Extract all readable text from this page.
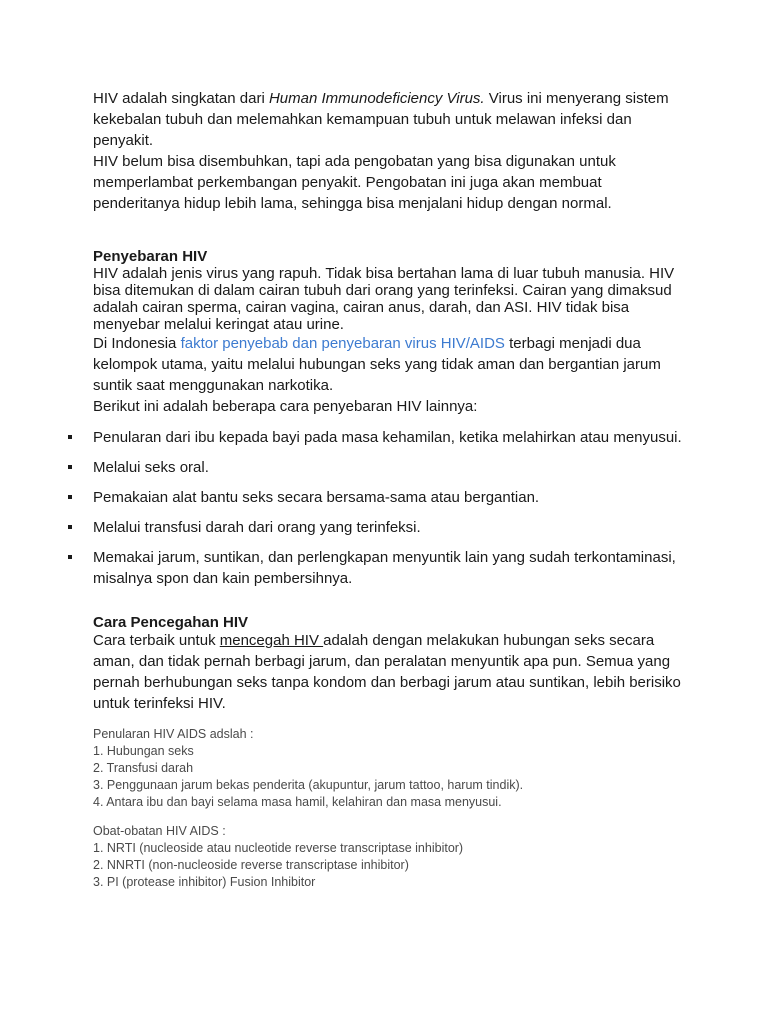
HIV adalah singkatan dari Human Immunodeficiency Virus. Virus ini menyerang sistem kekebalan tubuh dan melemahkan kemampuan tubuh untuk melawan infeksi dan penyakit.

HIV belum bisa disembuhkan, tapi ada pengobatan yang bisa digunakan untuk memperlambat perkembangan penyakit. Pengobatan ini juga akan membuat penderitanya hidup lebih lama, sehingga bisa menjalani hidup dengan normal.

Penyebaran HIV

HIV adalah jenis virus yang rapuh. Tidak bisa bertahan lama di luar tubuh manusia. HIV bisa ditemukan di dalam cairan tubuh dari orang yang terinfeksi. Cairan yang dimaksud adalah cairan sperma, cairan vagina, cairan anus, darah, dan ASI. HIV tidak bisa menyebar melalui keringat atau urine.

Di Indonesia faktor penyebab dan penyebaran virus HIV/AIDS terbagi menjadi dua kelompok utama, yaitu melalui hubungan seks yang tidak aman dan bergantian jarum suntik saat menggunakan narkotika.

Berikut ini adalah beberapa cara penyebaran HIV lainnya:

Penularan dari ibu kepada bayi pada masa kehamilan, ketika melahirkan atau menyusui.
Melalui seks oral.
Pemakaian alat bantu seks secara bersama-sama atau bergantian.
Melalui transfusi darah dari orang yang terinfeksi.
Memakai jarum, suntikan, dan perlengkapan menyuntik lain yang sudah terkontaminasi, misalnya spon dan kain pembersihnya.

Cara Pencegahan HIV

Cara terbaik untuk mencegah HIV adalah dengan melakukan hubungan seks secara aman, dan tidak pernah berbagi jarum, dan peralatan menyuntik apa pun. Semua yang pernah berhubungan seks tanpa kondom dan berbagi jarum atau suntikan, lebih berisiko untuk terinfeksi HIV.

Penularan HIV AIDS adslah :
1. Hubungan seks
2. Transfusi darah
3. Penggunaan jarum bekas penderita (akupuntur, jarum tattoo, harum tindik).
4. Antara ibu dan bayi selama masa hamil, kelahiran dan masa menyusui.
Obat-obatan HIV AIDS :
1. NRTI (nucleoside atau nucleotide reverse transcriptase inhibitor)
2. NNRTI (non-nucleoside reverse transcriptase inhibitor)
3. PI (protease inhibitor) Fusion Inhibitor
